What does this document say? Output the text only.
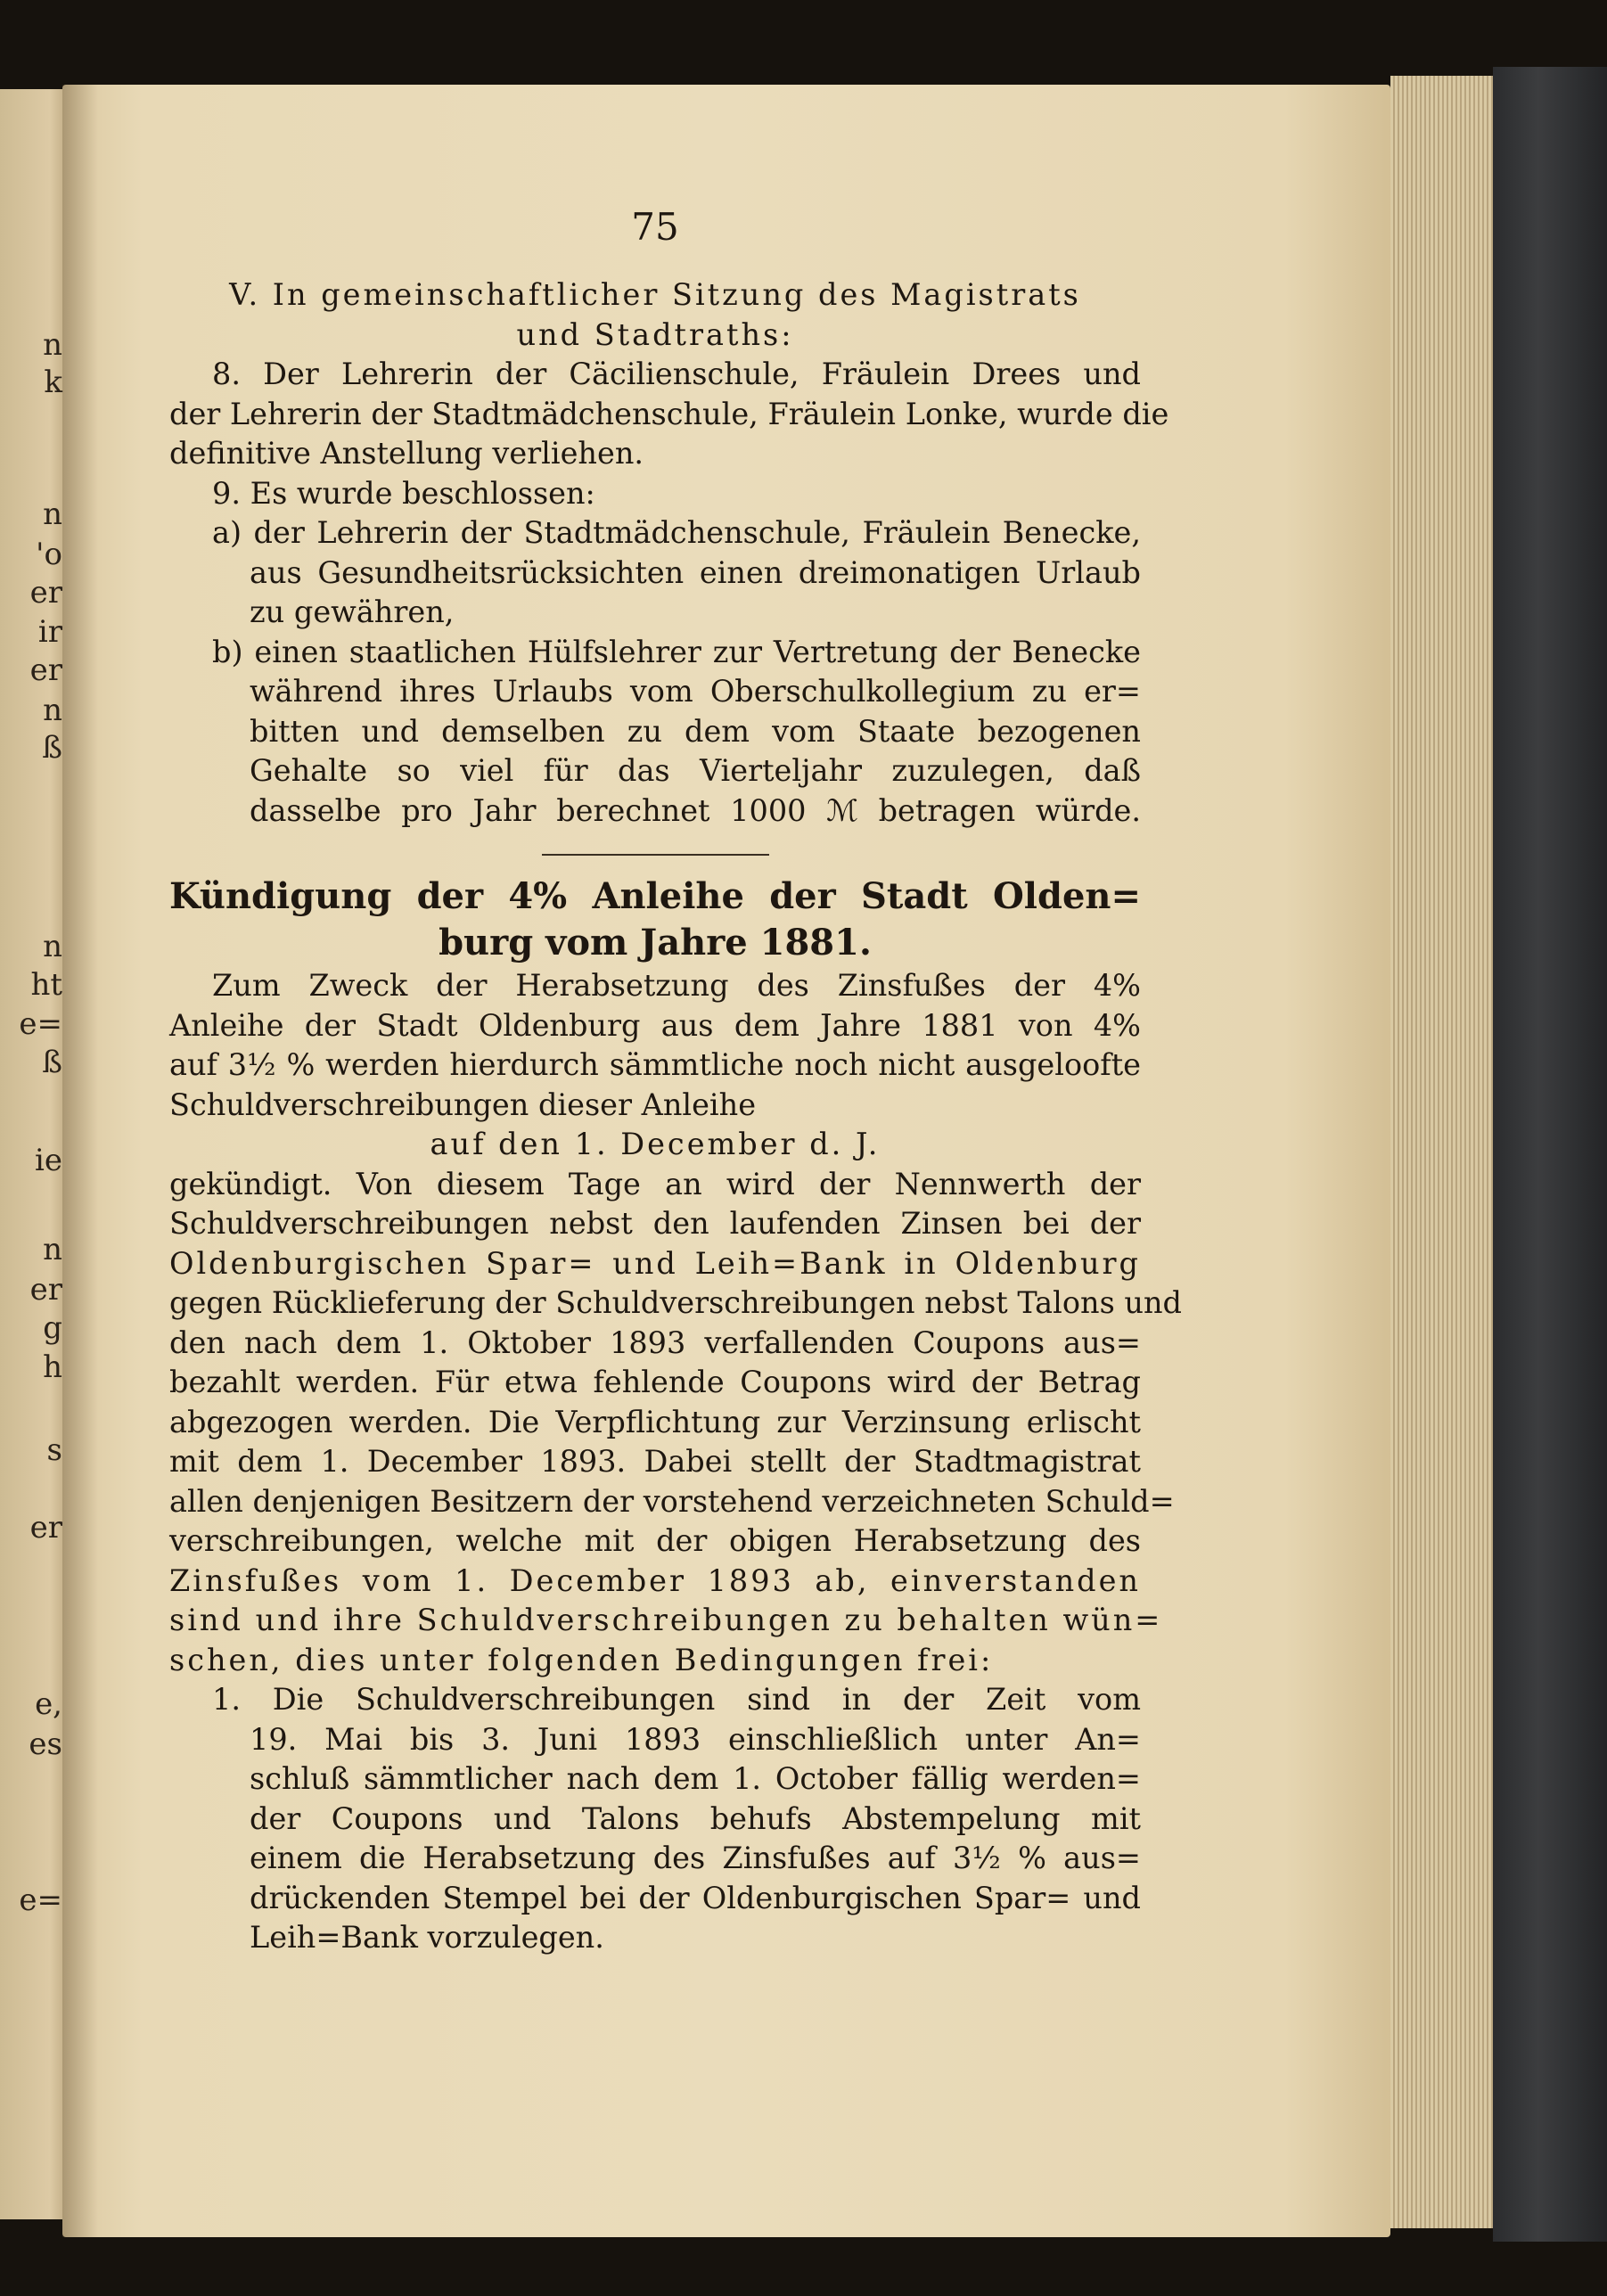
n
k
n
'o
er
ir
er
n
ß
n
ht
e=
ß
ie
n
er
g
h
s
er
e,
es
e=
75
V. In gemeinschaftlicher Sitzung des Magistrats
und Stadtraths:
8. Der Lehrerin der Cäcilienschule, Fräulein Drees und
der Lehrerin der Stadtmädchenschule, Fräulein Lonke, wurde die
definitive Anstellung verliehen.
9. Es wurde beschlossen:
a) der Lehrerin der Stadtmädchenschule, Fräulein Benecke,
aus Gesundheitsrücksichten einen dreimonatigen Urlaub
zu gewähren,
b) einen staatlichen Hülfslehrer zur Vertretung der Benecke
während ihres Urlaubs vom Oberschulkollegium zu er=
bitten und demselben zu dem vom Staate bezogenen
Gehalte so viel für das Vierteljahr zuzulegen, daß
dasselbe pro Jahr berechnet 1000 ℳ betragen würde.
Kündigung der 4% Anleihe der Stadt Olden=
burg vom Jahre 1881.
Zum Zweck der Herabsetzung des Zinsfußes der 4%
Anleihe der Stadt Oldenburg aus dem Jahre 1881 von 4%
auf 3½ % werden hierdurch sämmtliche noch nicht ausgeloofte
Schuldverschreibungen dieser Anleihe
auf den 1. December d. J.
gekündigt. Von diesem Tage an wird der Nennwerth der
Schuldverschreibungen nebst den laufenden Zinsen bei der
Oldenburgischen Spar= und Leih=Bank in Oldenburg
gegen Rücklieferung der Schuldverschreibungen nebst Talons und
den nach dem 1. Oktober 1893 verfallenden Coupons aus=
bezahlt werden. Für etwa fehlende Coupons wird der Betrag
abgezogen werden. Die Verpflichtung zur Verzinsung erlischt
mit dem 1. December 1893. Dabei stellt der Stadtmagistrat
allen denjenigen Besitzern der vorstehend verzeichneten Schuld=
verschreibungen, welche mit der obigen Herabsetzung des
Zinsfußes vom 1. December 1893 ab, einverstanden
sind und ihre Schuldverschreibungen zu behalten wün=
schen, dies unter folgenden Bedingungen frei:
1. Die Schuldverschreibungen sind in der Zeit vom
19. Mai bis 3. Juni 1893 einschließlich unter An=
schluß sämmtlicher nach dem 1. October fällig werden=
der Coupons und Talons behufs Abstempelung mit
einem die Herabsetzung des Zinsfußes auf 3½ % aus=
drückenden Stempel bei der Oldenburgischen Spar= und
Leih=Bank vorzulegen.
